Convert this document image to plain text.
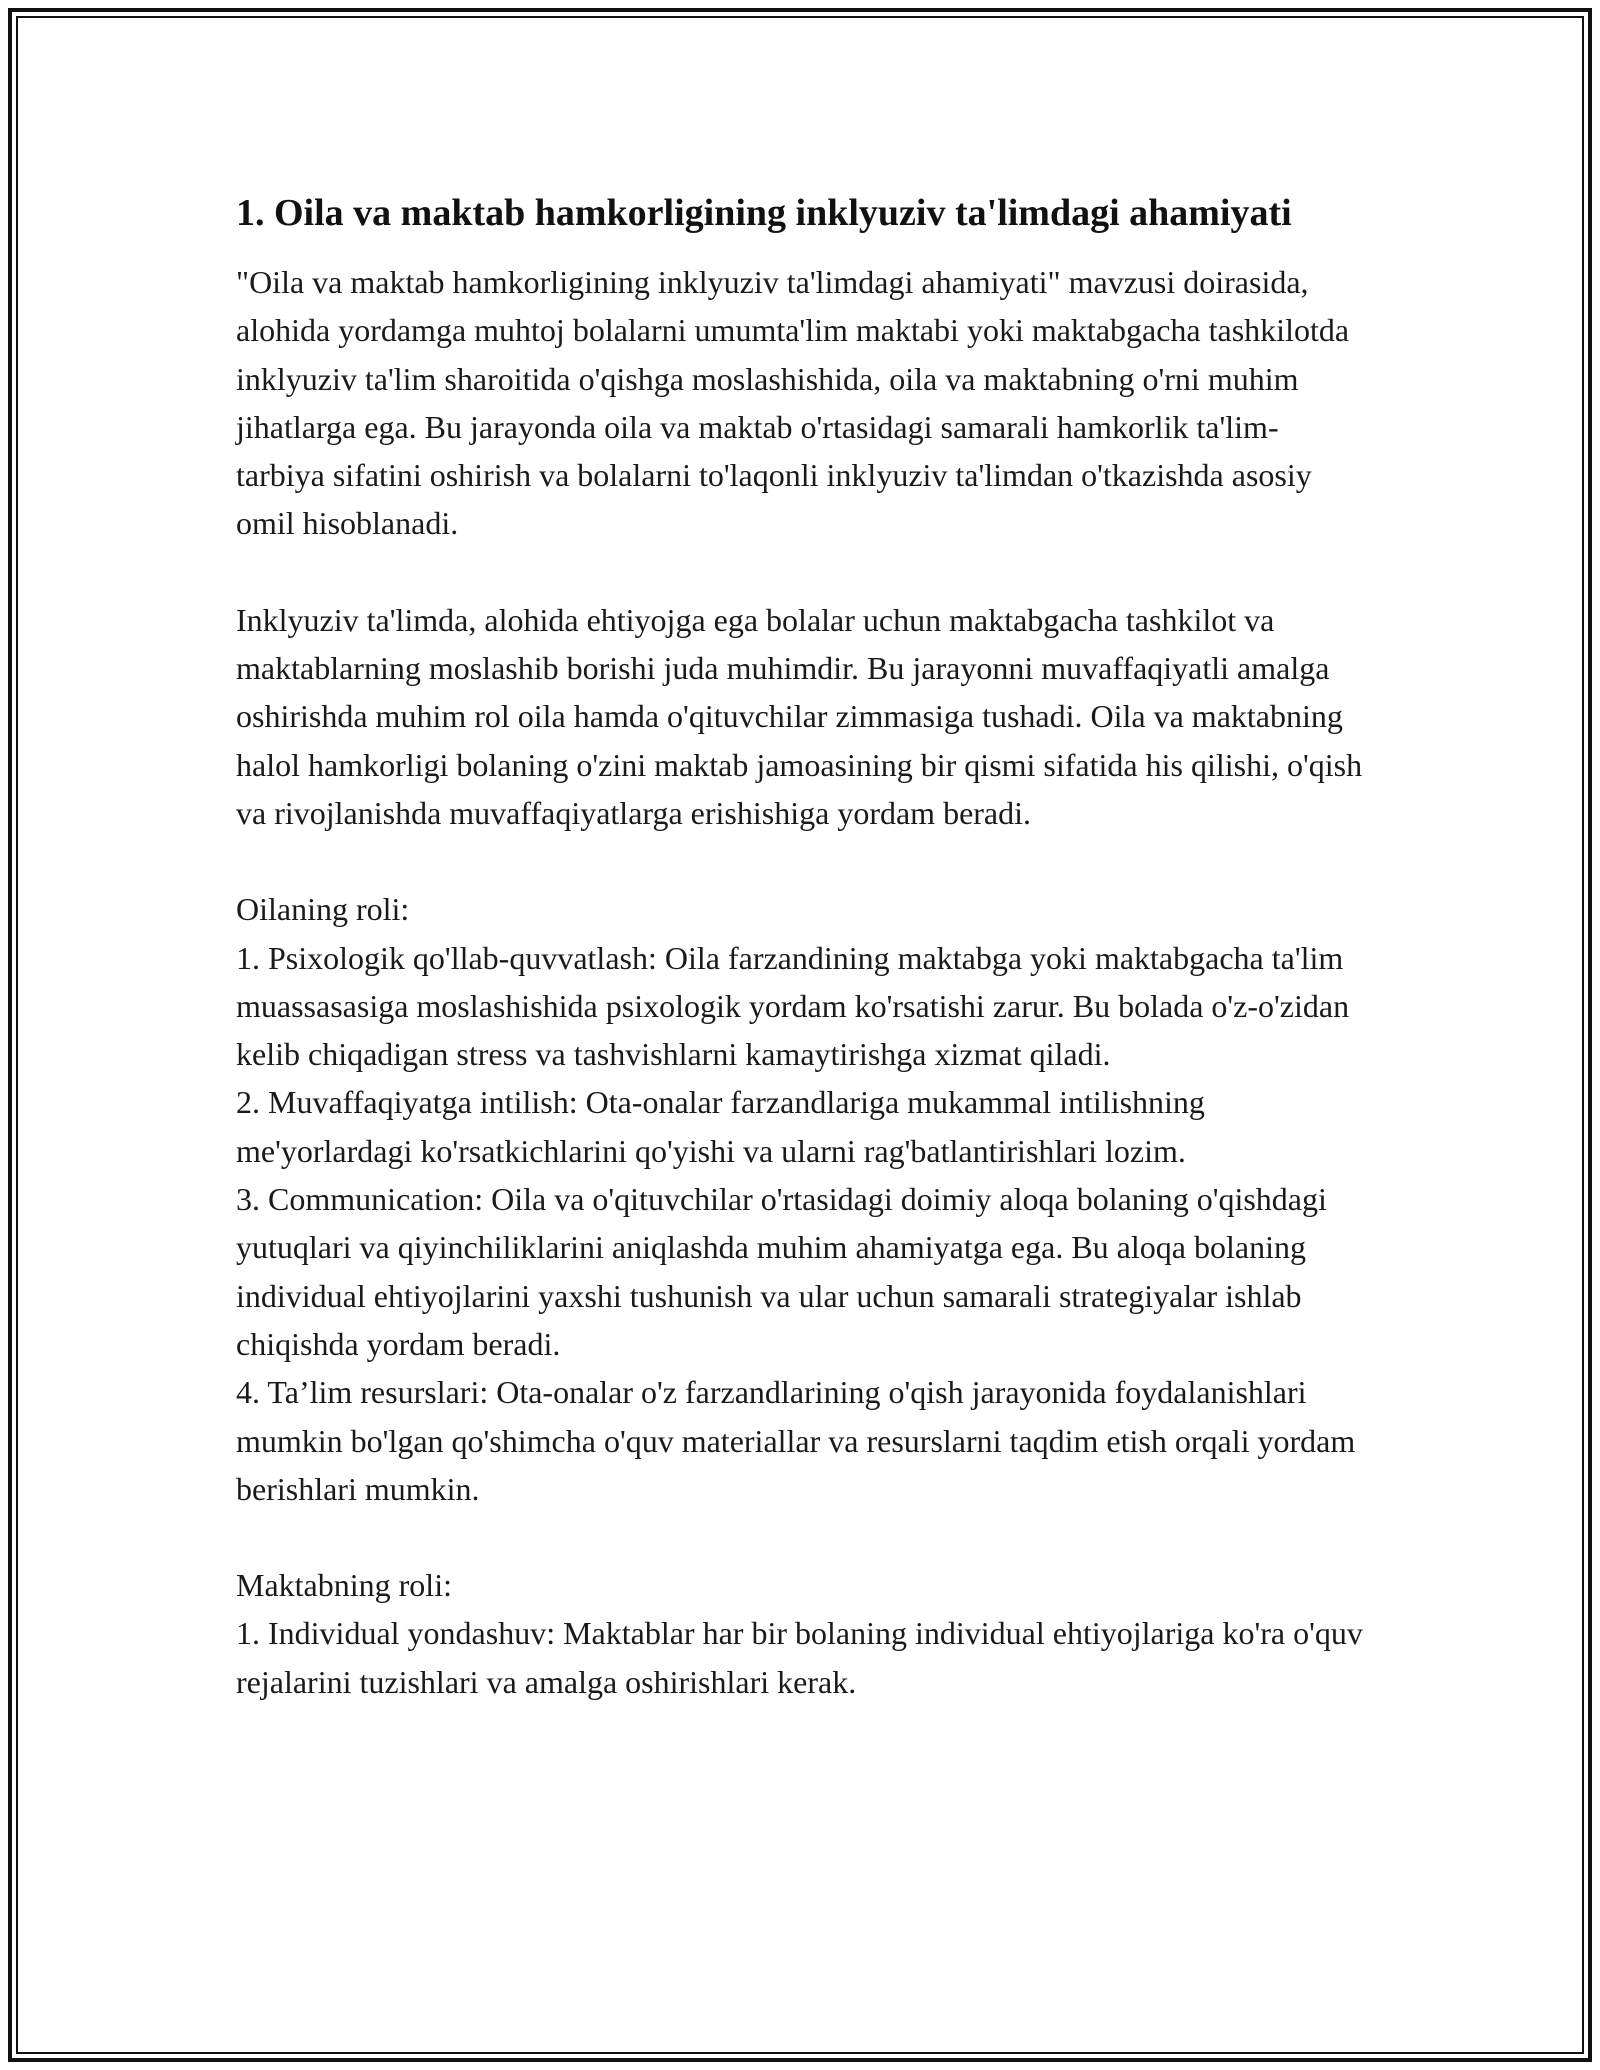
1. Oila va maktab hamkorligining inklyuziv ta'limdagi ahamiyati

"Oila va maktab hamkorligining inklyuziv ta'limdagi ahamiyati" mavzusi doirasida, alohida yordamga muhtoj bolalarni umumta'lim maktabi yoki maktabgacha tashkilotda inklyuziv ta'lim sharoitida o'qishga moslashishida, oila va maktabning o'rni muhim jihatlarga ega. Bu jarayonda oila va maktab o'rtasidagi samarali hamkorlik ta'lim-tarbiya sifatini oshirish va bolalarni to'laqonli inklyuziv ta'limdan o'tkazishda asosiy omil hisoblanadi.

Inklyuziv ta'limda, alohida ehtiyojga ega bolalar uchun maktabgacha tashkilot va maktablarning moslashib borishi juda muhimdir. Bu jarayonni muvaffaqiyatli amalga oshirishda muhim rol oila hamda o'qituvchilar zimmasiga tushadi. Oila va maktabning halol hamkorligi bolaning o'zini maktab jamoasining bir qismi sifatida his qilishi, o'qish va rivojlanishda muvaffaqiyatlarga erishishiga yordam beradi.

Oilaning roli:
1. Psixologik qo'llab-quvvatlash: Oila farzandining maktabga yoki maktabgacha ta'lim muassasasiga moslashishida psixologik yordam ko'rsatishi zarur. Bu bolada o'z-o'zidan kelib chiqadigan stress va tashvishlarni kamaytirishga xizmat qiladi.
2. Muvaffaqiyatga intilish: Ota-onalar farzandlariga mukammal intilishning me'yorlardagi ko'rsatkichlarini qo'yishi va ularni rag'batlantirishlari lozim.
3. Communication: Oila va o'qituvchilar o'rtasidagi doimiy aloqa bolaning o'qishdagi yutuqlari va qiyinchiliklarini aniqlashda muhim ahamiyatga ega. Bu aloqa bolaning individual ehtiyojlarini yaxshi tushunish va ular uchun samarali strategiyalar ishlab chiqishda yordam beradi.
4. Ta’lim resurslari: Ota-onalar o'z farzandlarining o'qish jarayonida foydalanishlari mumkin bo'lgan qo'shimcha o'quv materiallar va resurslarni taqdim etish orqali yordam berishlari mumkin.

Maktabning roli:
1. Individual yondashuv: Maktablar har bir bolaning individual ehtiyojlariga ko'ra o'quv rejalarini tuzishlari va amalga oshirishlari kerak.
